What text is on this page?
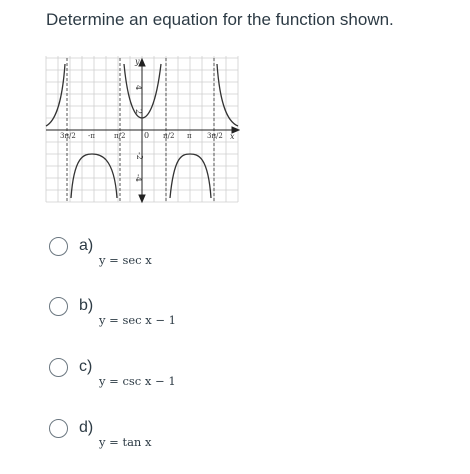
Determine an equation for the function shown.
y
x
4
2
0
-2
-4
3π/2 -π	π/2	π/2 π 3π/2
a)
y = sec x
b)
y = sec x − 1
c)
y = csc x − 1
d)
y = tan x
